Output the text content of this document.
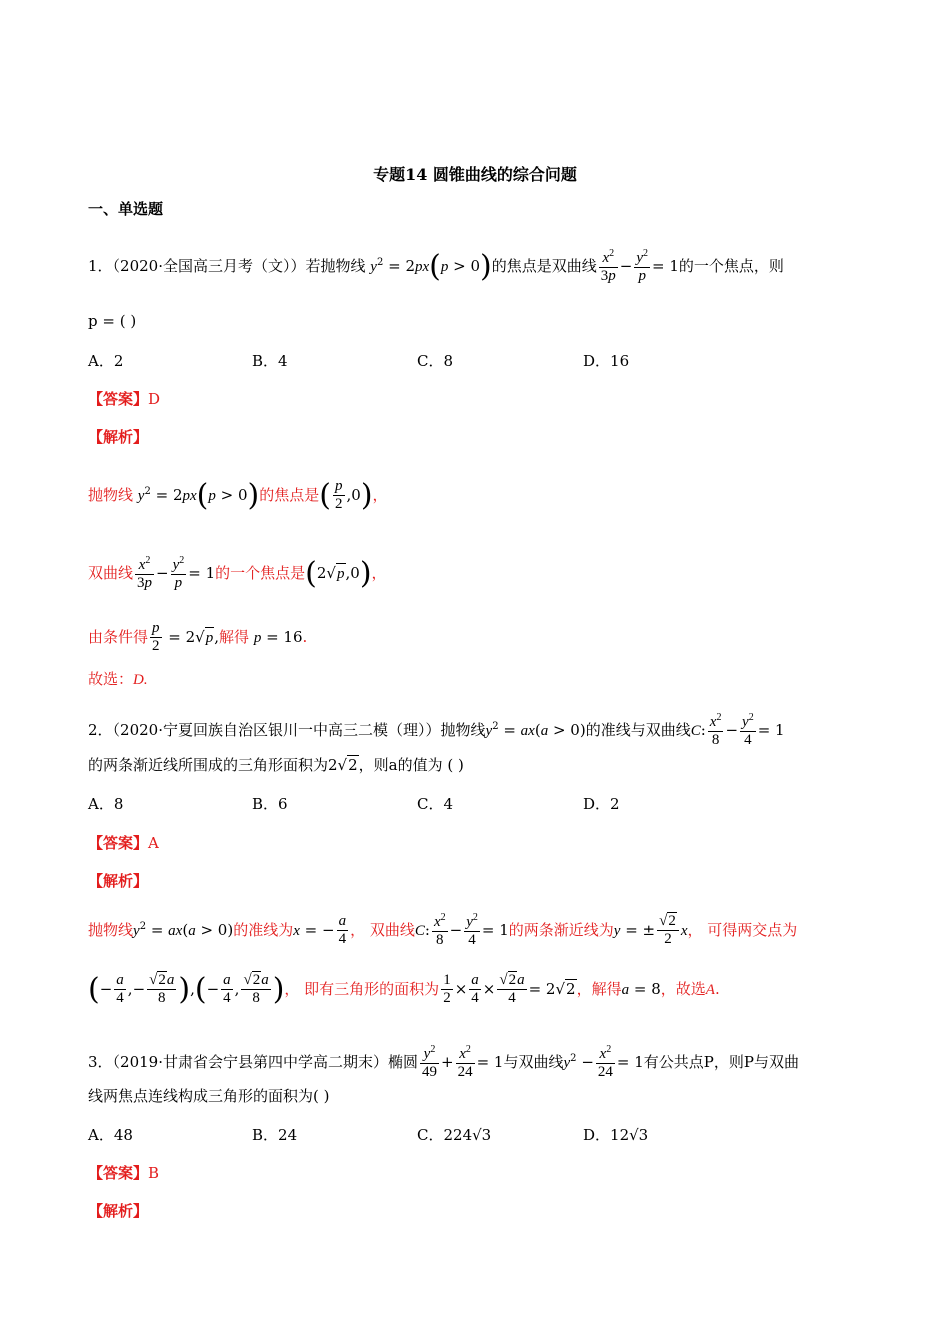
专题14 圆锥曲线的综合问题
一、单选题
1．（2020·全国高三月考（文））若抛物线 $y^2 = 2px(p > 0)$的焦点是双曲线 $\frac{x^2}{3p} - \frac{y^2}{p} = 1$的一个焦点，则
p = ( )
A．2	B．4	C．8	D．16
【答案】D
【解析】
抛物线 $y^2 = 2px(p > 0)$的焦点是( $\frac{p}{2} ,0$)，
双曲线 $\frac{x^2}{3p} - \frac{y^2}{p} = 1$的一个焦点是(2√p,0)，
由条件得 $\frac{p}{2} = 2√p$,解得 p = 16.
故选：D.
2．（2020·宁夏回族自治区银川一中高三二模（理））抛物线$y^2 = ax(a > 0)$的准线与双曲线C: $\frac{x^2}{8} - \frac{y^2}{4} = 1$
的两条渐近线所围成的三角形面积为2√2，则a的值为 ( )
A．8	B．6	C．4	D．2
【答案】A
【解析】
抛物线$y^2 = ax(a > 0)$的准线为x = − $\frac{a}{4}$ ， 双曲线C: $\frac{x^2}{8} - \frac{y^2}{4} = 1$的两条渐近线为y = ± $\frac{√2}{2}$ x， 可得两交点为
(− $\frac{a}{4}$ ,− $\frac{√2a}{8}$ ),(− $\frac{a}{4}$ , $\frac{√2a}{8}$ )， 即有三角形的面积为 $\frac{1}{2} \times \frac{a}{4} \times \frac{√2a}{4} = 2√2$，解得a = 8，故选A.
3．（2019·甘肃省会宁县第四中学高二期末）椭圆 $\frac{y^2}{49} + \frac{x^2}{24} = 1$与双曲线$y^2 - \frac{x^2}{24} = 1$有公共点P，则P与双曲
线两焦点连线构成三角形的面积为( )
A．48	B．24	C．224√3	D．12√3
【答案】B
【解析】
